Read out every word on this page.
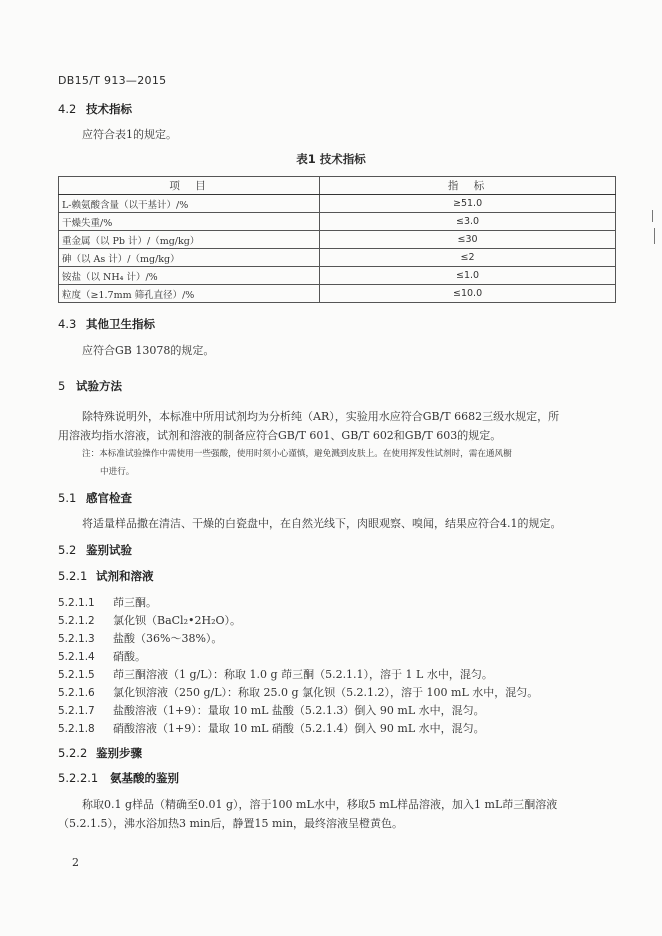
DB15/T 913—2015
4.2 技术指标
应符合表1的规定。
表1 技术指标
项 目	指 标
L-赖氨酸含量（以干基计）/%	≥51.0
干燥失重/%	≤3.0
重金属（以 Pb 计）/（mg/kg）	≤30
砷（以 As 计）/（mg/kg）	≤2
铵盐（以 NH₄ 计）/%	≤1.0
粒度（≥1.7mm 筛孔直径）/%	≤10.0
4.3 其他卫生指标
应符合GB 13078的规定。
5 试验方法
除特殊说明外，本标准中所用试剂均为分析纯（AR），实验用水应符合GB/T 6682三级水规定，所
用溶液均指水溶液，试剂和溶液的制备应符合GB/T 601、GB/T 602和GB/T 603的规定。
注：本标准试验操作中需使用一些强酸，使用时须小心谨慎，避免溅到皮肤上。在使用挥发性试剂时，需在通风橱
中进行。
5.1 感官检查
将适量样品撒在清洁、干燥的白瓷盘中，在自然光线下，肉眼观察、嗅闻，结果应符合4.1的规定。
5.2 鉴别试验
5.2.1 试剂和溶液
5.2.1.1 茚三酮。
5.2.1.2 氯化钡（BaCl₂•2H₂O）。
5.2.1.3 盐酸（36%～38%）。
5.2.1.4 硝酸。
5.2.1.5 茚三酮溶液（1 g/L）：称取 1.0 g 茚三酮（5.2.1.1），溶于 1 L 水中，混匀。
5.2.1.6 氯化钡溶液（250 g/L）：称取 25.0 g 氯化钡（5.2.1.2），溶于 100 mL 水中，混匀。
5.2.1.7 盐酸溶液（1+9）：量取 10 mL 盐酸（5.2.1.3）倒入 90 mL 水中，混匀。
5.2.1.8 硝酸溶液（1+9）：量取 10 mL 硝酸（5.2.1.4）倒入 90 mL 水中，混匀。
5.2.2 鉴别步骤
5.2.2.1 氨基酸的鉴别
称取0.1 g样品（精确至0.01 g），溶于100 mL水中，移取5 mL样品溶液，加入1 mL茚三酮溶液
（5.2.1.5），沸水浴加热3 min后，静置15 min，最终溶液呈橙黄色。
2
